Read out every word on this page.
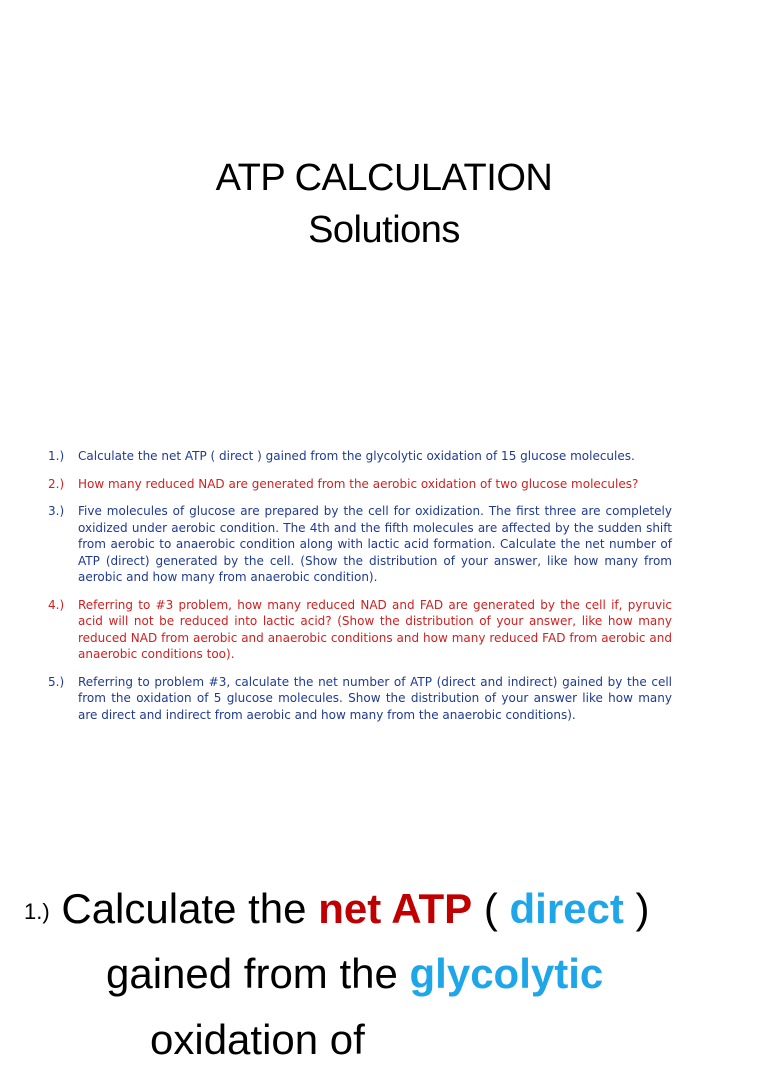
ATP CALCULATION
Solutions
1.)	Calculate the net ATP ( direct ) gained from the glycolytic oxidation of 15 glucose molecules.
2.)	How many reduced NAD are generated from the aerobic oxidation of two glucose molecules?
3.)	Five molecules of glucose are prepared by the cell for oxidization. The first three are completely oxidized under aerobic condition. The 4th and the fifth molecules are affected by the sudden shift from aerobic to anaerobic condition along with lactic acid formation. Calculate the net number of ATP (direct) generated by the cell. (Show the distribution of your answer, like how many from aerobic and how many from anaerobic condition).
4.)	Referring to #3 problem, how many reduced NAD and FAD are generated by the cell if, pyruvic acid will not be reduced into lactic acid? (Show the distribution of your answer, like how many reduced NAD from aerobic and anaerobic conditions and how many reduced FAD from aerobic and anaerobic conditions too).
5.)	Referring to problem #3, calculate the net number of ATP (direct and indirect) gained by the cell from the oxidation of 5 glucose molecules. Show the distribution of your answer like how many are direct and indirect from aerobic and how many from the anaerobic conditions).
1.) Calculate the net ATP ( direct )
gained from the glycolytic
oxidation of
